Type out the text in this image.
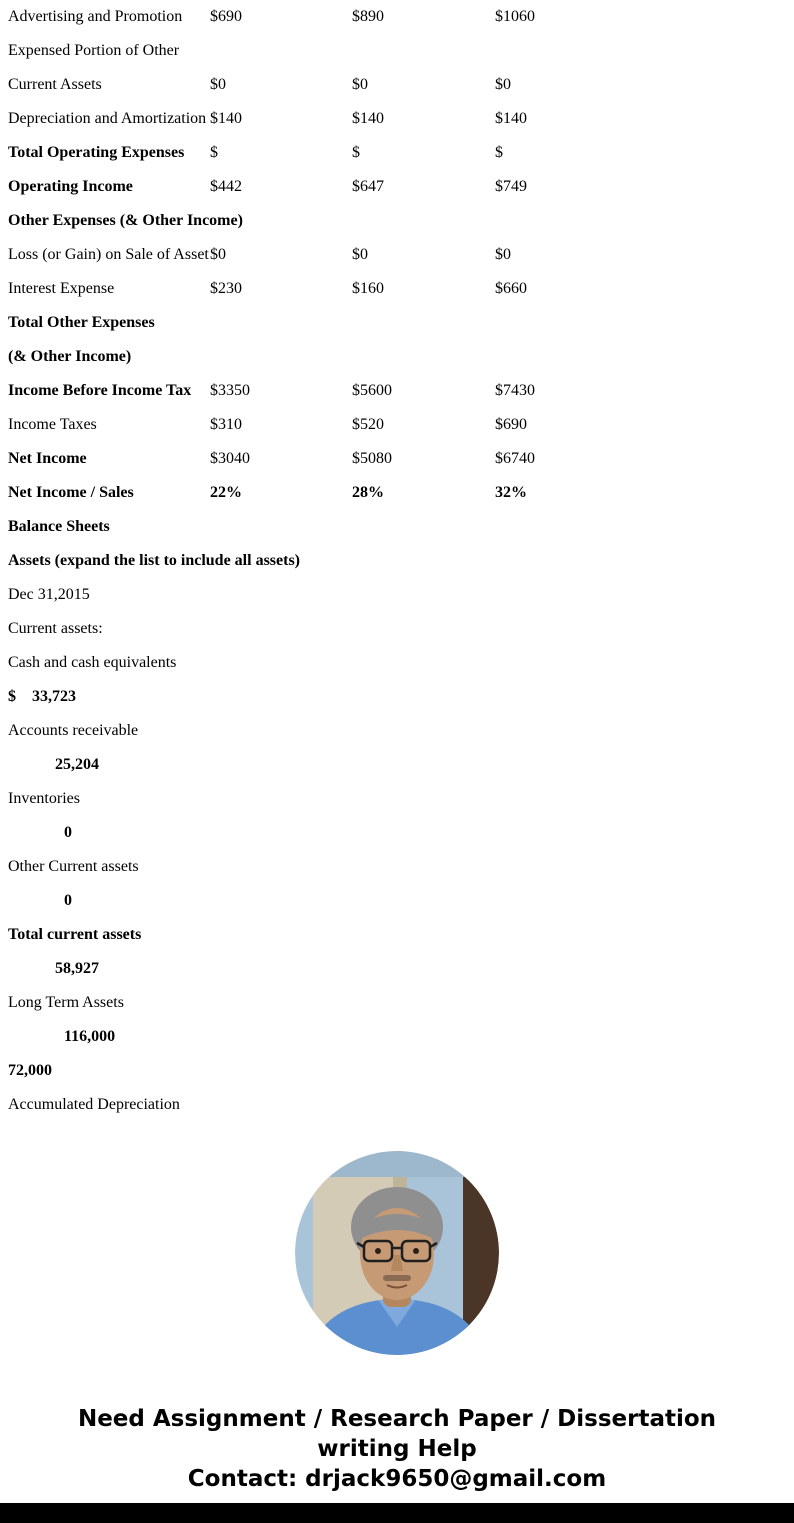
Advertising and Promotion $690	$890	$1060
Expensed Portion of Other
Current Assets	$0	$0	$0
Depreciation and Amortization $140	$140	$140
Total Operating Expenses $	$	$
Operating Income	$442	$647	$749
Other Expenses (& Other Income)
Loss (or Gain) on Sale of Asset $0	$0	$0
Interest Expense	$230	$160	$660
Total Other Expenses
(& Other Income)
Income Before Income Tax $3350	$5600	$7430
Income Taxes	$310	$520	$690
Net Income	$3040	$5080	$6740
Net Income / Sales	22%	28%	32%
Balance Sheets
Assets (expand the list to include all assets)
Dec 31,2015
Current assets:
Cash and cash equivalents
$    33,723
Accounts receivable
25,204
Inventories
0
Other Current assets
0
Total current assets
58,927
Long Term Assets
116,000
72,000
Accumulated Depreciation
Need Assignment / Research Paper / Dissertation
writing Help
Contact: drjack9650@gmail.com
